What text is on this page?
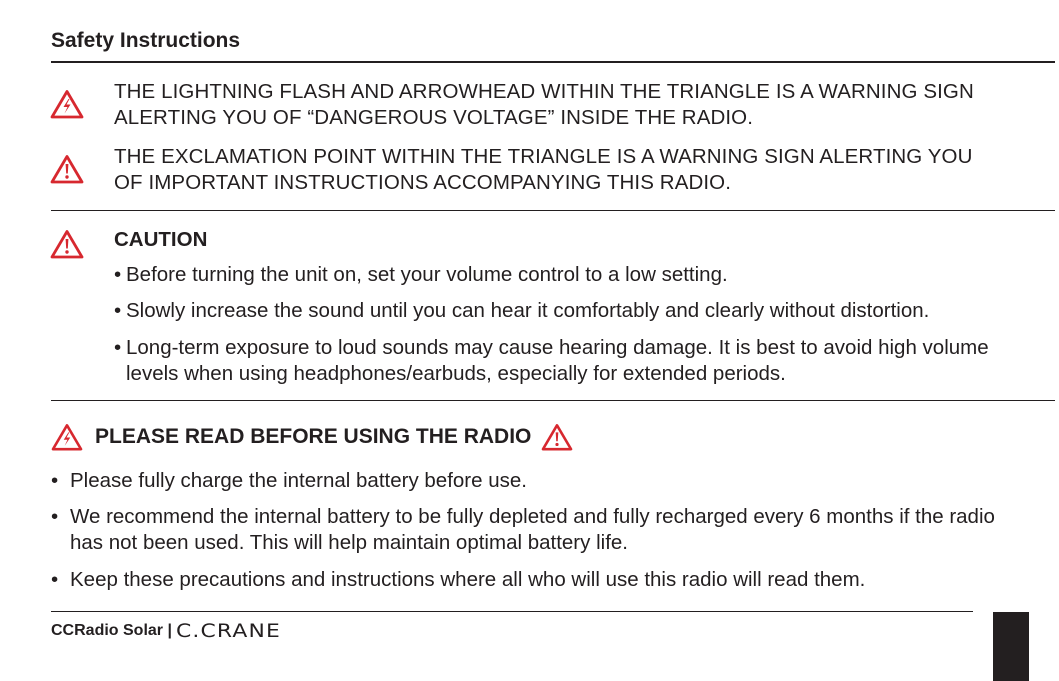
Safety Instructions
THE LIGHTNING FLASH AND ARROWHEAD WITHIN THE TRIANGLE IS A WARNING SIGN ALERTING YOU OF “DANGEROUS VOLTAGE” INSIDE THE RADIO.
THE EXCLAMATION POINT WITHIN THE TRIANGLE IS A WARNING SIGN ALERTING YOU OF IMPORTANT INSTRUCTIONS ACCOMPANYING THIS RADIO.
CAUTION
• Before turning the unit on, set your volume control to a low setting.
• Slowly increase the sound until you can hear it comfortably and clearly without distortion.
• Long-term exposure to loud sounds may cause hearing damage. It is best to avoid high volume levels when using headphones/earbuds, especially for extended periods.
PLEASE READ BEFORE USING THE RADIO
• Please fully charge the internal battery before use.
• We recommend the internal battery to be fully depleted and fully recharged every 6 months if the radio has not been used. This will help maintain optimal battery life.
• Keep these precautions and instructions where all who will use this radio will read them.
CCRadio Solar | C.CRANE
